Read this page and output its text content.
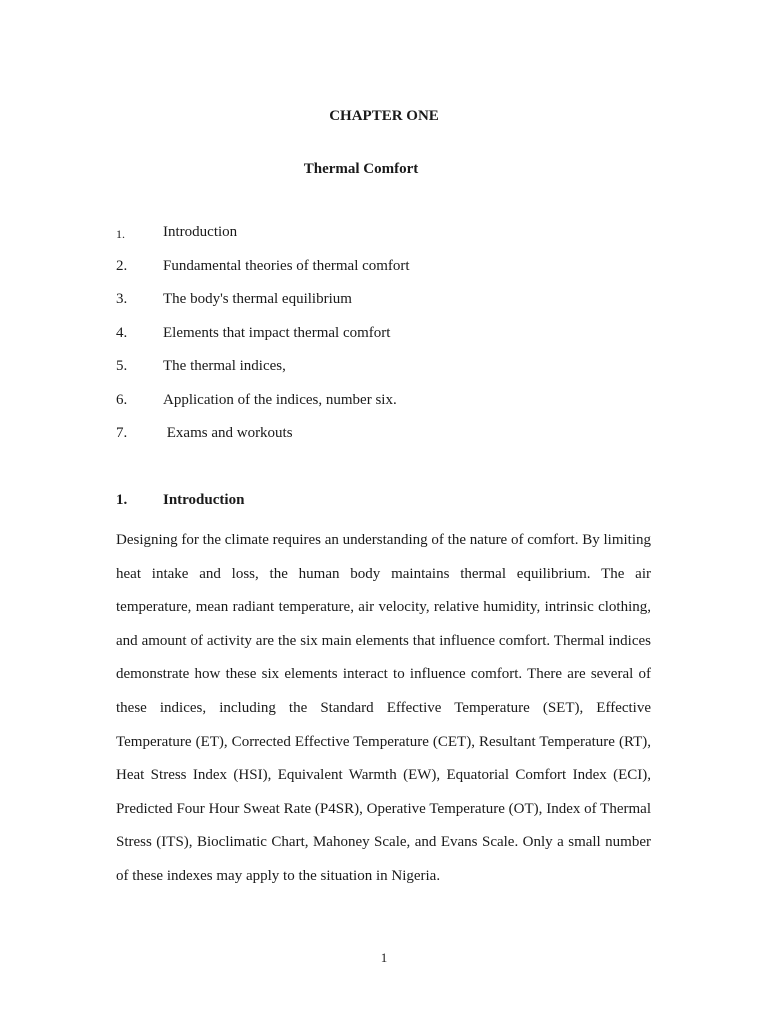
CHAPTER ONE
Thermal Comfort
1.	Introduction
2. Fundamental theories of thermal comfort
3. The body's thermal equilibrium
4. Elements that impact thermal comfort
5. The thermal indices,
6. Application of the indices, number six.
7. Exams and workouts
1. Introduction

Designing for the climate requires an understanding of the nature of comfort. By limiting heat intake and loss, the human body maintains thermal equilibrium. The air temperature, mean radiant temperature, air velocity, relative humidity, intrinsic clothing, and amount of activity are the six main elements that influence comfort. Thermal indices demonstrate how these six elements interact to influence comfort. There are several of these indices, including the Standard Effective Temperature (SET), Effective Temperature (ET), Corrected Effective Temperature (CET), Resultant Temperature (RT), Heat Stress Index (HSI), Equivalent Warmth (EW), Equatorial Comfort Index (ECI), Predicted Four Hour Sweat Rate (P4SR), Operative Temperature (OT), Index of Thermal Stress (ITS), Bioclimatic Chart, Mahoney Scale, and Evans Scale. Only a small number of these indexes may apply to the situation in Nigeria.

1
